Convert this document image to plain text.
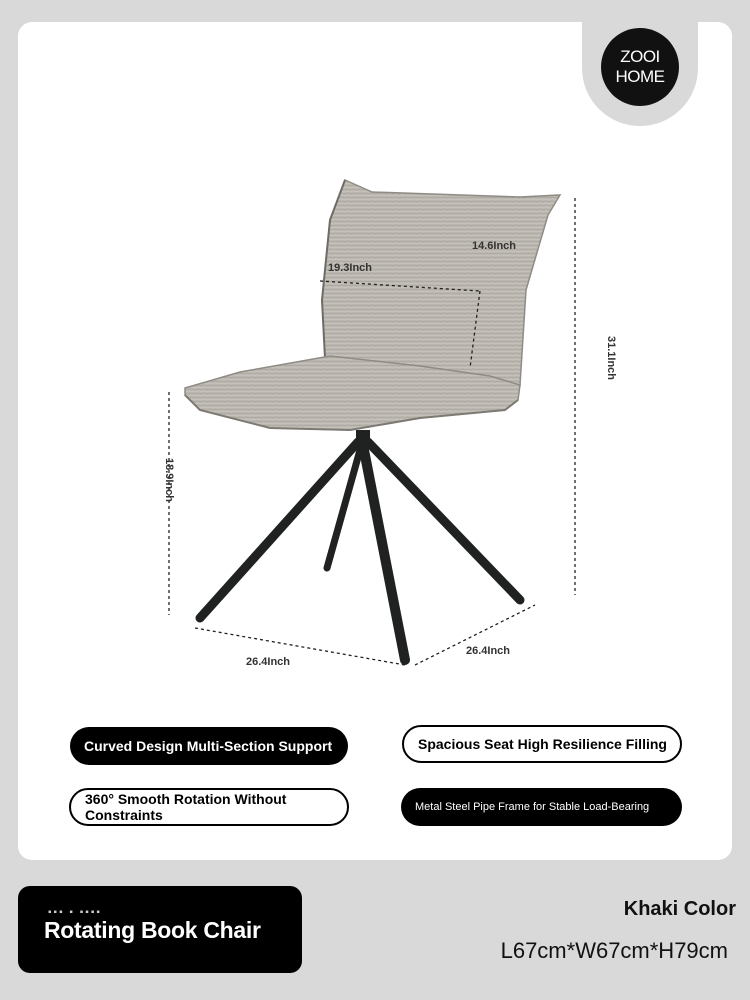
ZOOI
HOME
14.6Inch
19.3Inch
31.1Inch
18.9Inch
26.4Inch
26.4Inch
Curved Design Multi-Section Support	Spacious Seat High Resilience Filling
360° Smooth Rotation Without Constraints
Metal Steel Pipe Frame for Stable Load-Bearing
▪▪▪ ▪ ▪▪▪▪
Rotating Book Chair
Khaki Color
L67cm*W67cm*H79cm
